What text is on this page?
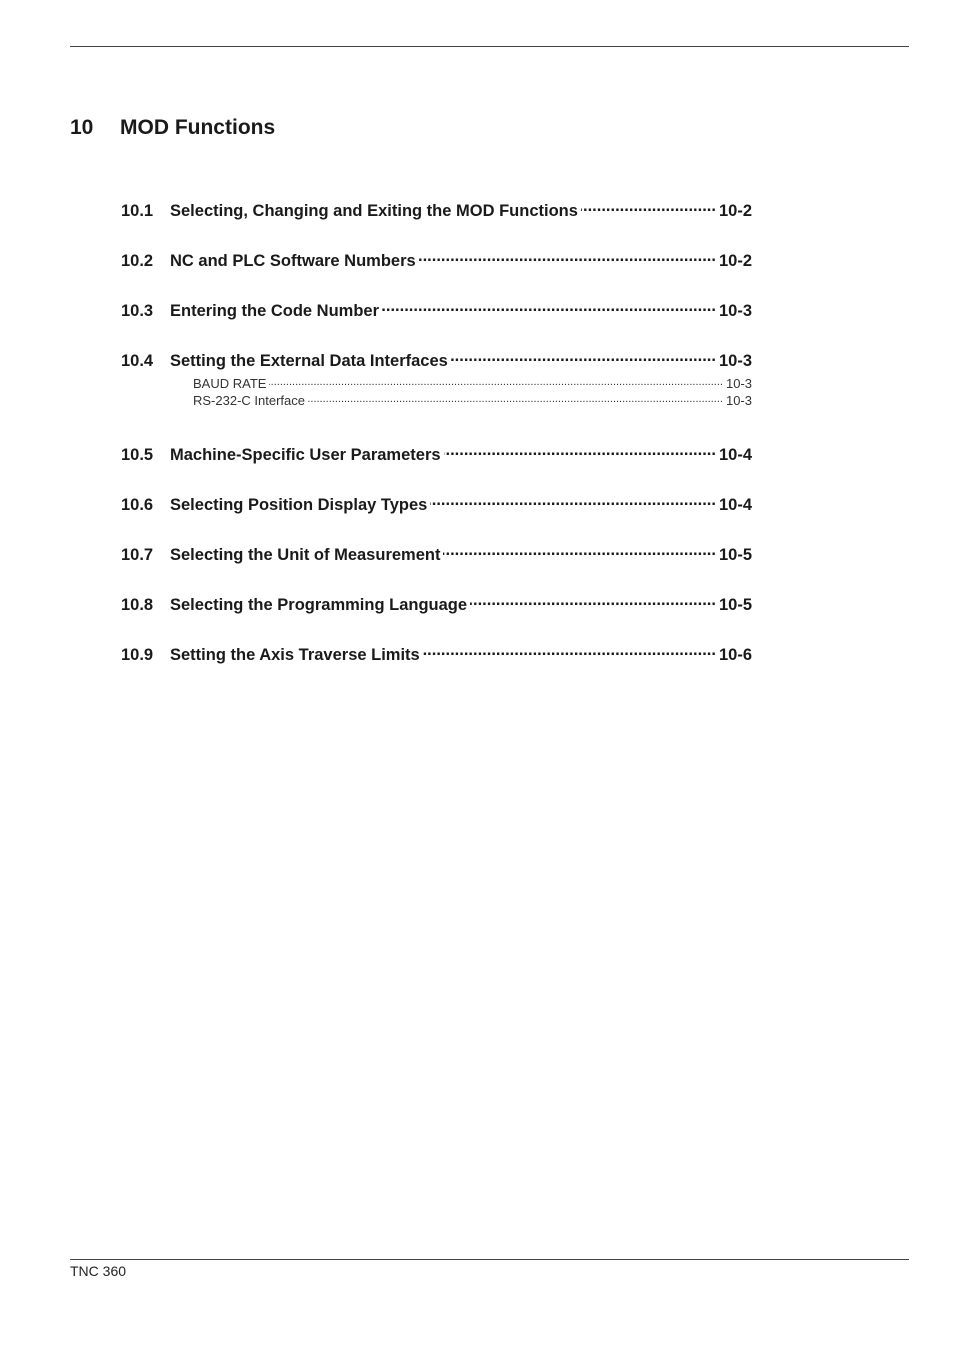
10 MOD Functions
10.1	Selecting, Changing and Exiting the MOD Functions .....	10-2
10.2	NC and PLC Software Numbers .....	10-2
10.3	Entering the Code Number .....	10-3
10.4	Setting the External Data Interfaces .....	10-3
BAUD RATE .....	10-3
RS-232-C Interface .....	10-3
10.5	Machine-Specific User Parameters .....	10-4
10.6	Selecting Position Display Types .....	10-4
10.7	Selecting the Unit of Measurement .....	10-5
10.8	Selecting the Programming Language .....	10-5
10.9	Setting the Axis Traverse Limits .....	10-6
TNC 360
